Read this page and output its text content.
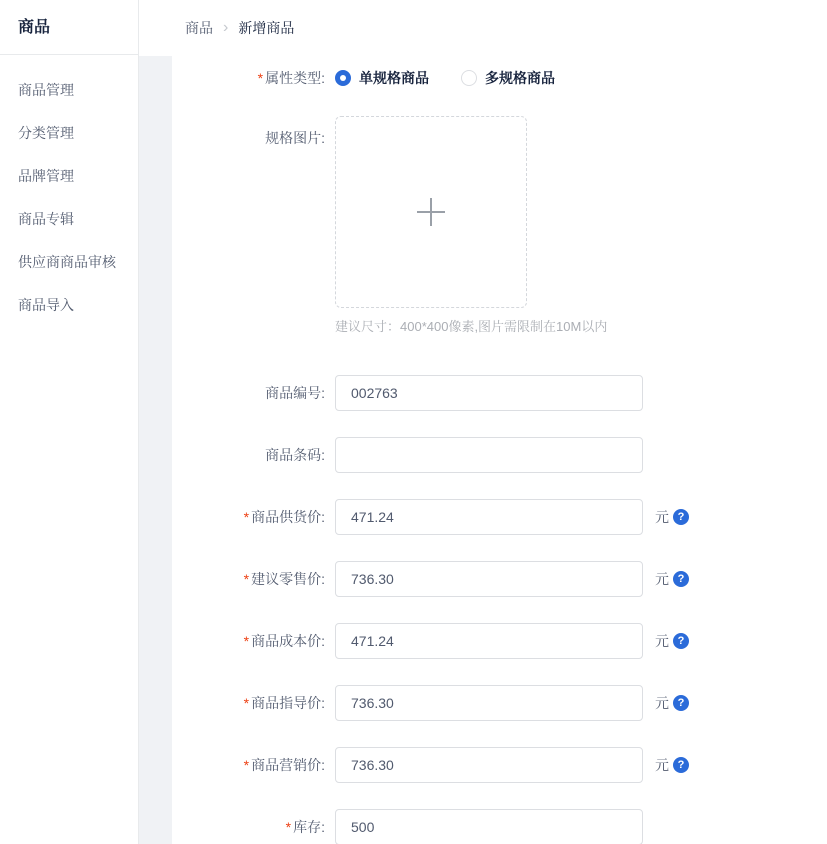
商品
商品管理
分类管理
品牌管理
商品专辑
供应商商品审核
商品导入
商品 › 新增商品
* 属性类型: 单规格商品	多规格商品
规格图片:
建议尺寸：400*400像素,图片需限制在10M以内
商品编号:
002763
商品条码:
* 商品供货价:
471.24	元 ?
* 建议零售价:
736.30	元 ?
* 商品成本价:
471.24	元 ?
* 商品指导价:
736.30	元 ?
* 商品营销价:
736.30	元 ?
* 库存:
500
